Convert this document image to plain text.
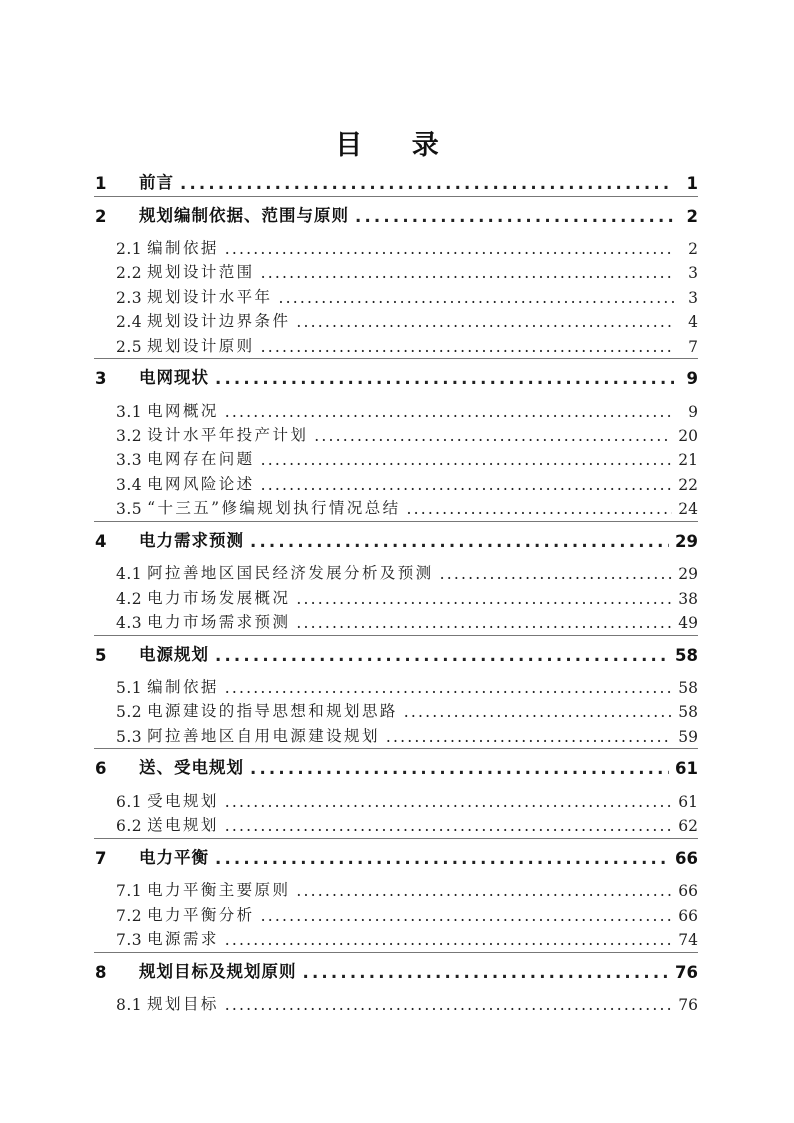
目 录
1	前言 .....	1
2	规划编制依据、范围与原则 .....	2
2.1 编制依据 .....	2
2.2 规划设计范围 .....	3
2.3 规划设计水平年 .....	3
2.4 规划设计边界条件 .....	4
2.5 规划设计原则 .....	7
3	电网现状 .....	9
3.1 电网概况 .....	9
3.2 设计水平年投产计划 .....	20
3.3 电网存在问题 .....	21
3.4 电网风险论述 .....	22
3.5 “十三五”修编规划执行情况总结 .....	24
4	电力需求预测 .....	29
4.1 阿拉善地区国民经济发展分析及预测 .....	29
4.2 电力市场发展概况 .....	38
4.3 电力市场需求预测 .....	49
5	电源规划 .....	58
5.1 编制依据 .....	58
5.2 电源建设的指导思想和规划思路 .....	58
5.3 阿拉善地区自用电源建设规划 .....	59
6	送、受电规划 .....	61
6.1 受电规划 .....	61
6.2 送电规划 .....	62
7	电力平衡 .....	66
7.1 电力平衡主要原则 .....	66
7.2 电力平衡分析 .....	66
7.3 电源需求 .....	74
8	规划目标及规划原则 .....	76
8.1 规划目标 .....	76
